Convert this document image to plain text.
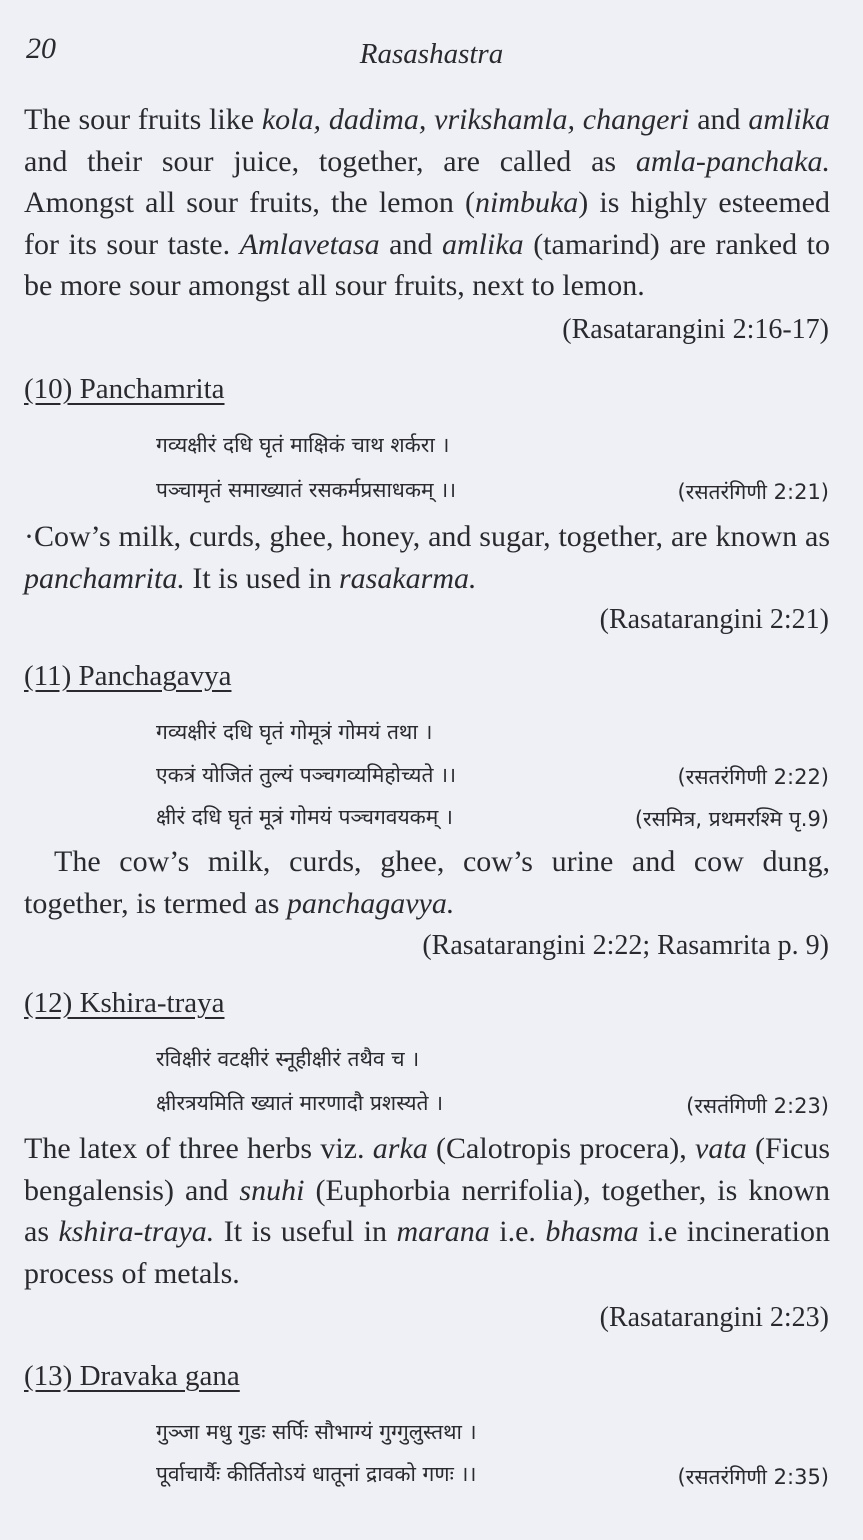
20	Rasashastra
The sour fruits like kola, dadima, vrikshamla, changeri and amlika and their sour juice, together, are called as amla-panchaka. Amongst all sour fruits, the lemon (nimbuka) is highly esteemed for its sour taste. Amlavetasa and amlika (tamarind) are ranked to be more sour amongst all sour fruits, next to lemon.
(Rasatarangini 2:16-17)
(10) Panchamrita
गव्यक्षीरं दधि घृतं माक्षिकं चाथ शर्करा ।
पञ्चामृतं समाख्यातं रसकर्मप्रसाधकम् ।।	(रसतरंगिणी 2:21)
·Cow’s milk, curds, ghee, honey, and sugar, together, are known as panchamrita. It is used in rasakarma.
(Rasatarangini 2:21)
(11) Panchagavya
गव्यक्षीरं दधि घृतं गोमूत्रं गोमयं तथा ।
एकत्रं योजितं तुल्यं पञ्चगव्यमिहोच्यते ।।	(रसतरंगिणी 2:22)
क्षीरं दधि घृतं मूत्रं गोमयं पञ्चगवयकम् ।	(रसमित्र, प्रथमरश्मि पृ.9)
The cow’s milk, curds, ghee, cow’s urine and cow dung, together, is termed as panchagavya.
(Rasatarangini 2:22; Rasamrita p. 9)
(12) Kshira-traya
रविक्षीरं वटक्षीरं स्नूहीक्षीरं तथैव च ।
क्षीरत्रयमिति ख्यातं मारणादौ प्रशस्यते ।	(रसतंगिणी 2:23)
The latex of three herbs viz. arka (Calotropis procera), vata (Ficus bengalensis) and snuhi (Euphorbia nerrifolia), together, is known as kshira-traya. It is useful in marana i.e. bhasma i.e incineration process of metals.
(Rasatarangini 2:23)
(13) Dravaka gana
गुञ्जा मधु गुडः सर्पिः सौभाग्यं गुग्गुलुस्तथा ।
पूर्वाचार्यैः कीर्तितोऽयं धातूनां द्रावको गणः ।।	(रसतरंगिणी 2:35)
